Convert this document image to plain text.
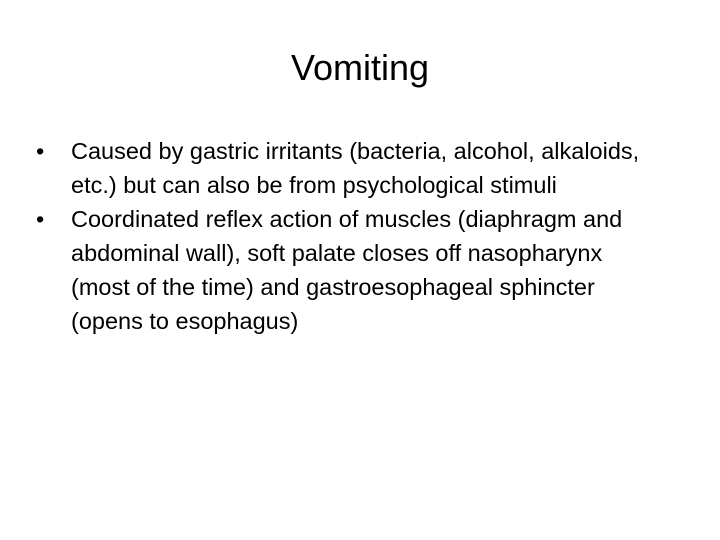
Vomiting
•	Caused by gastric irritants (bacteria, alcohol, alkaloids, etc.) but can also be from psychological stimuli
•	Coordinated reflex action of muscles (diaphragm and abdominal wall), soft palate closes off nasopharynx (most of the time) and gastroesophageal sphincter (opens to esophagus)
